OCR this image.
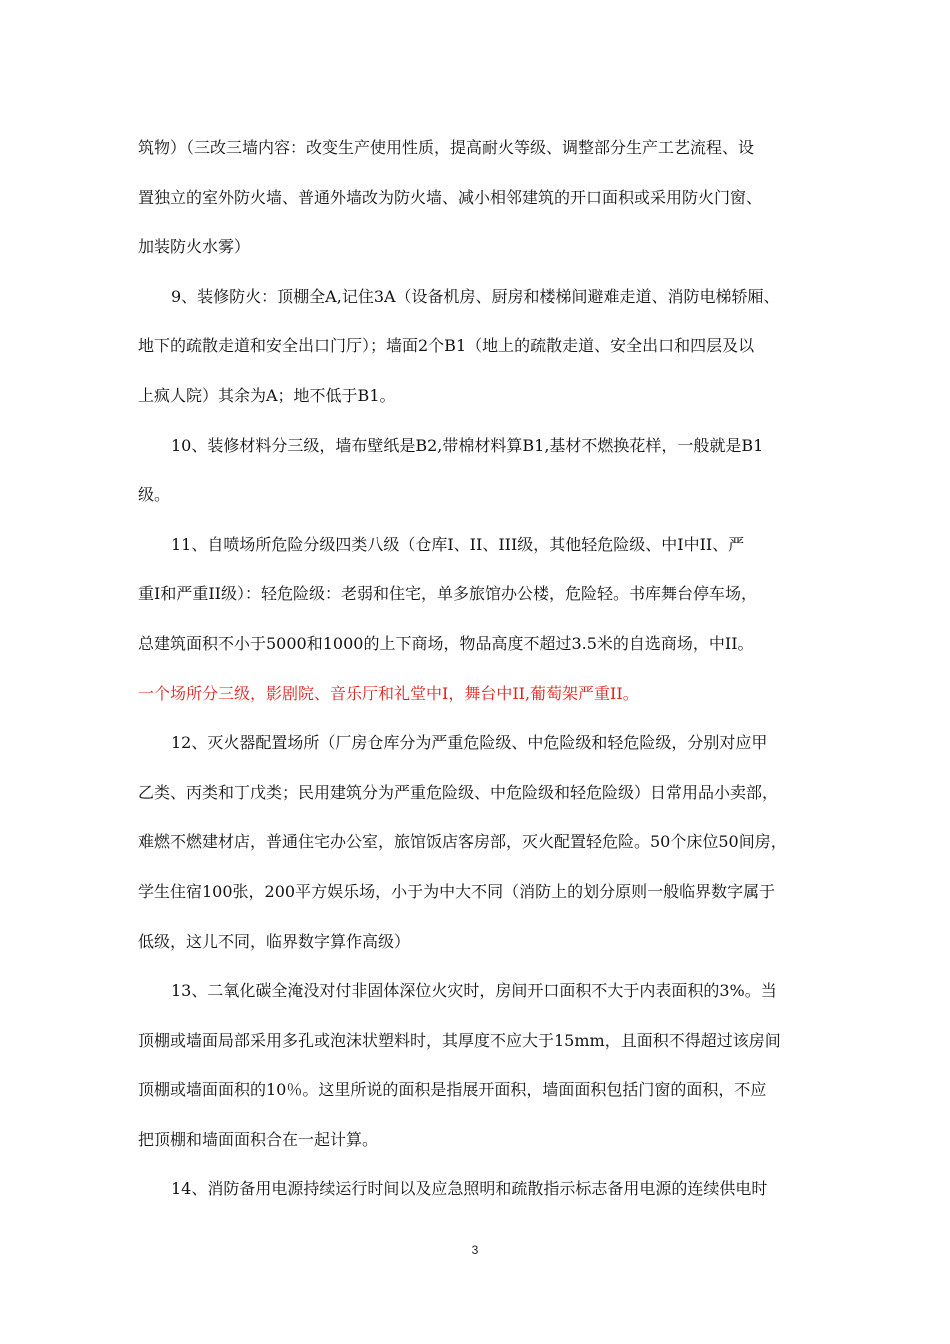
筑物）（三改三墙内容：改变生产使用性质，提高耐火等级、调整部分生产工艺流程、设
置独立的室外防火墙、普通外墙改为防火墙、减小相邻建筑的开口面积或采用防火门窗、
加装防火水雾）
9、装修防火：顶棚全A,记住3A（设备机房、厨房和楼梯间避难走道、消防电梯轿厢、
地下的疏散走道和安全出口门厅）；墙面2个B1（地上的疏散走道、安全出口和四层及以
上疯人院）其余为A；地不低于B1。
10、装修材料分三级，墙布壁纸是B2,带棉材料算B1,基材不燃换花样，一般就是B1
级。
11、自喷场所危险分级四类八级（仓库I、II、III级，其他轻危险级、中I中II、严
重I和严重II级）：轻危险级：老弱和住宅，单多旅馆办公楼，危险轻。书库舞台停车场，
总建筑面积不小于5000和1000的上下商场，物品高度不超过3.5米的自选商场，中II。
一个场所分三级，影剧院、音乐厅和礼堂中I，舞台中II,葡萄架严重II。
12、灭火器配置场所（厂房仓库分为严重危险级、中危险级和轻危险级，分别对应甲
乙类、丙类和丁戊类；民用建筑分为严重危险级、中危险级和轻危险级）日常用品小卖部，
难燃不燃建材店，普通住宅办公室，旅馆饭店客房部，灭火配置轻危险。50个床位50间房，
学生住宿100张，200平方娱乐场，小于为中大不同（消防上的划分原则一般临界数字属于
低级，这儿不同，临界数字算作高级）
13、二氧化碳全淹没对付非固体深位火灾时，房间开口面积不大于内表面积的3%。当
顶棚或墙面局部采用多孔或泡沫状塑料时，其厚度不应大于15mm，且面积不得超过该房间
顶棚或墙面面积的10％。这里所说的面积是指展开面积，墙面面积包括门窗的面积，不应
把顶棚和墙面面积合在一起计算。
14、消防备用电源持续运行时间以及应急照明和疏散指示标志备用电源的连续供电时
3
